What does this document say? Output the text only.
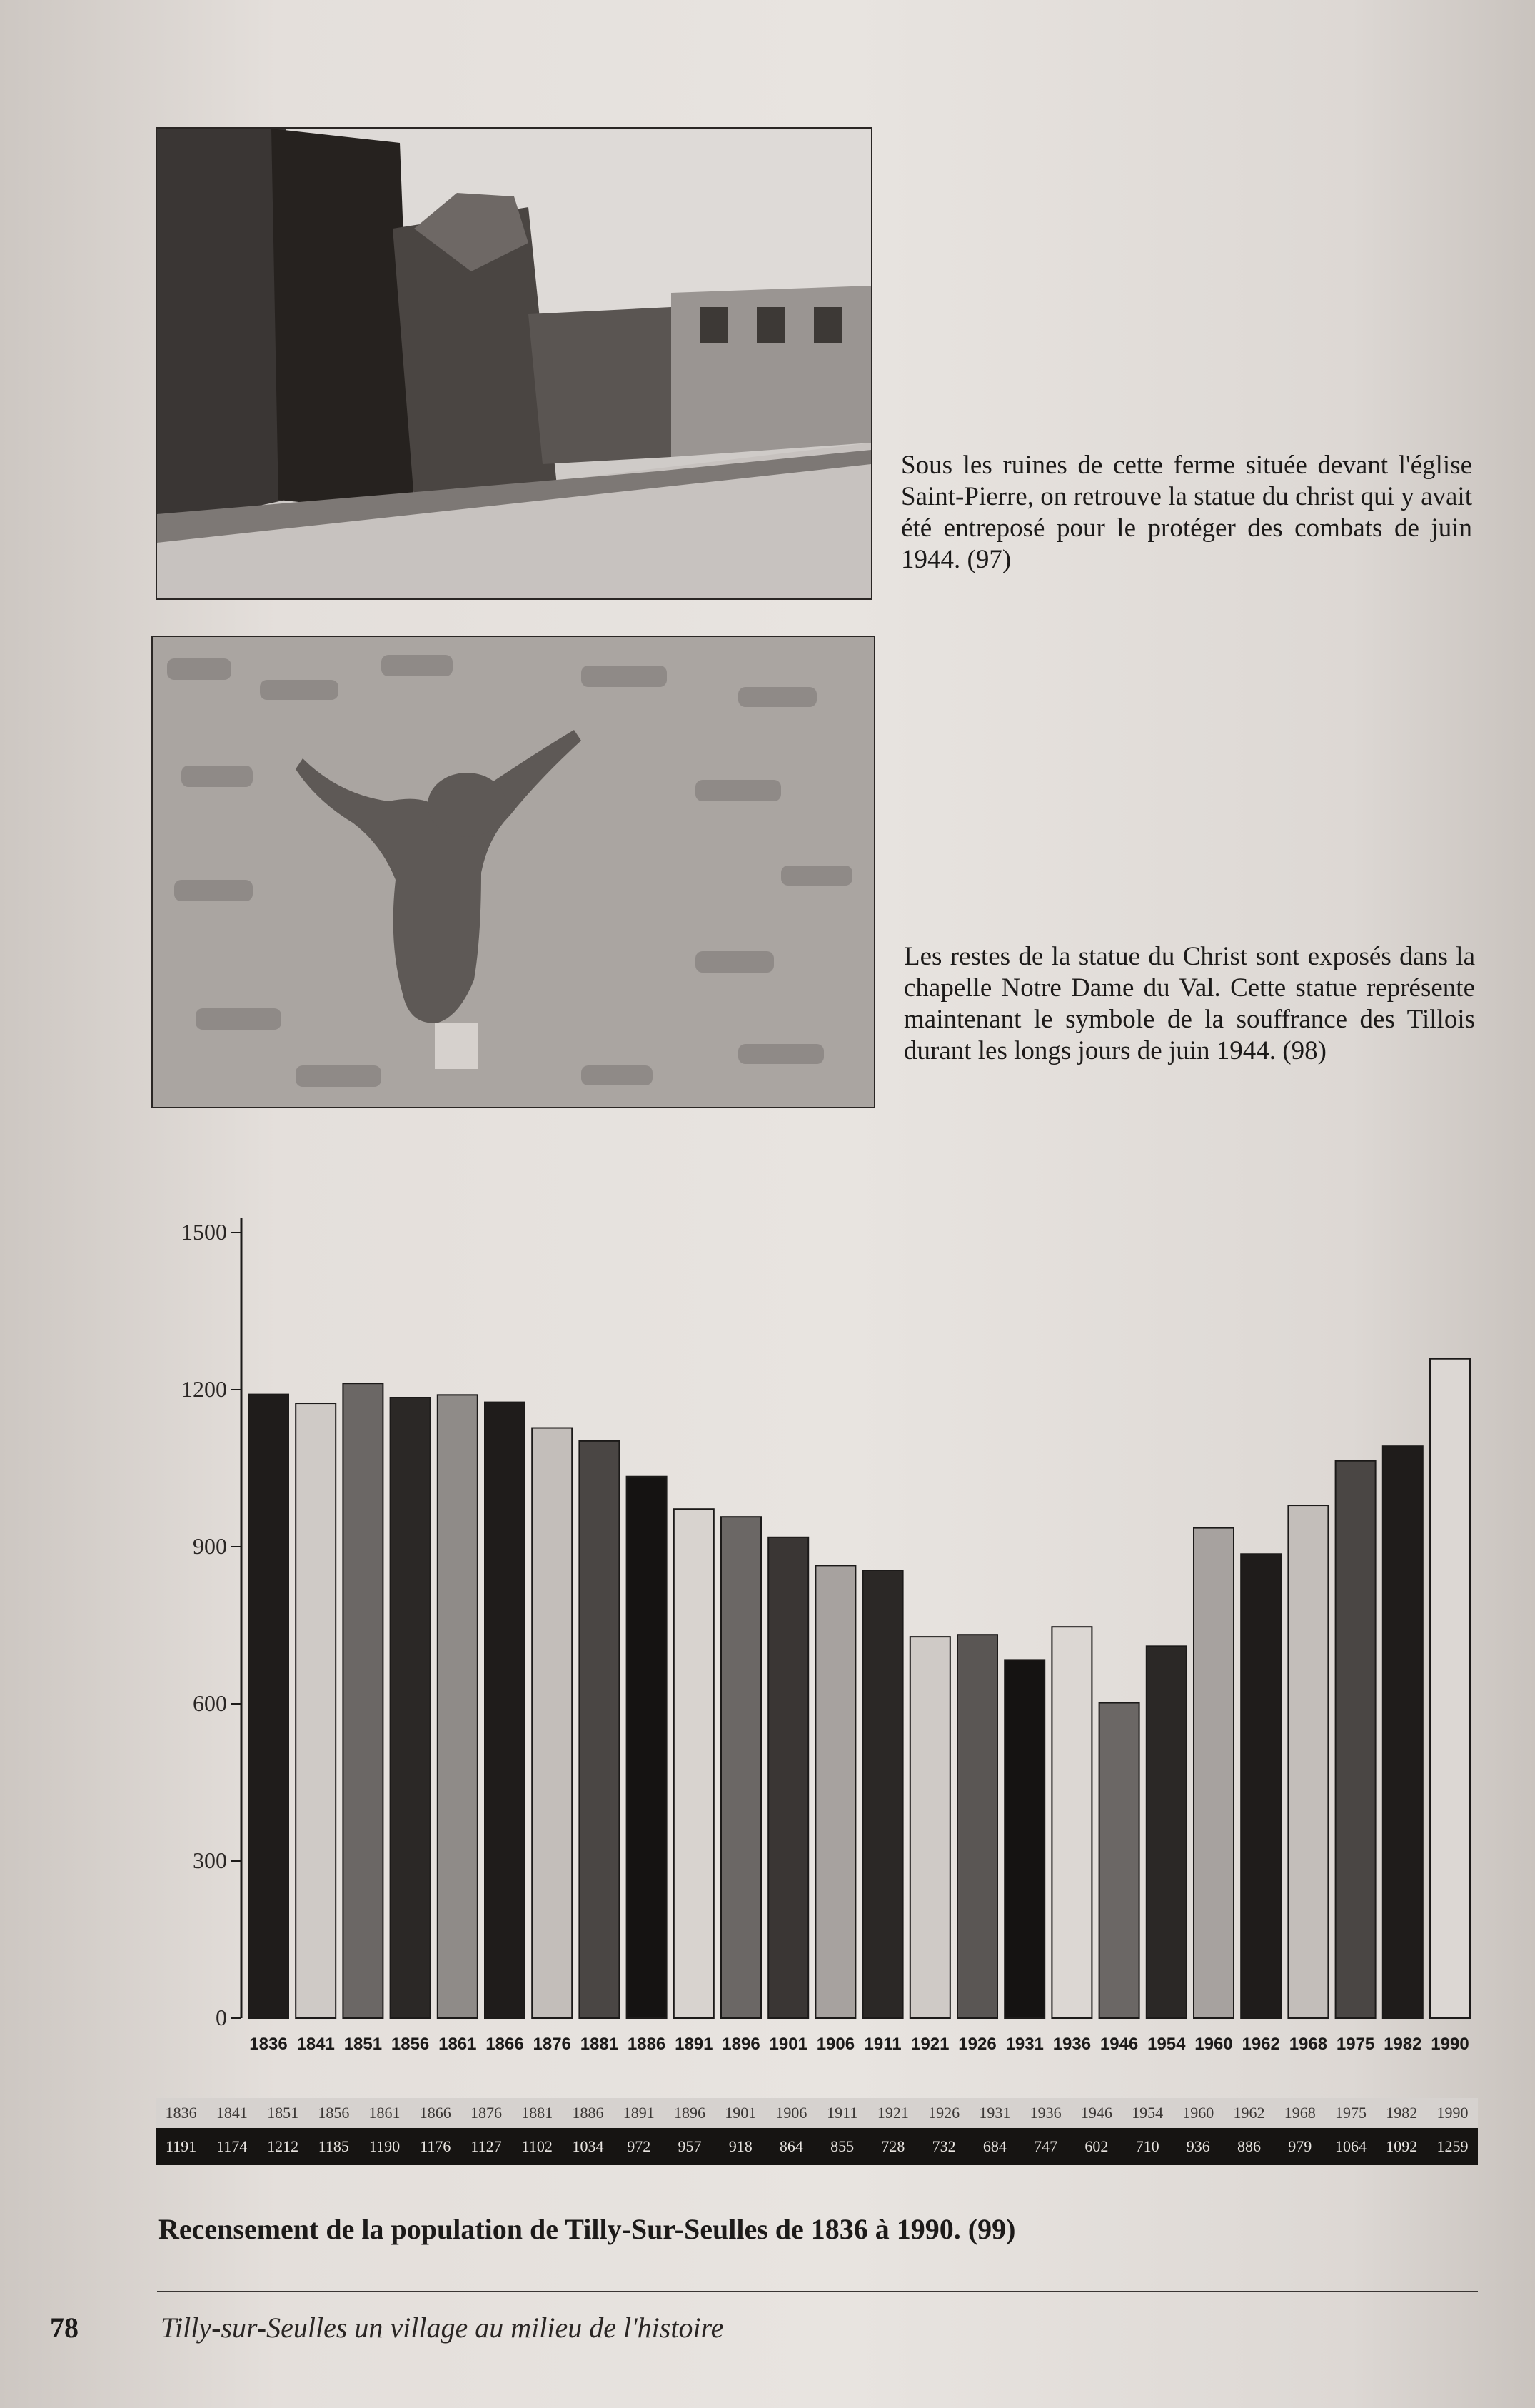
Sous les ruines de cette ferme située devant l'église Saint-Pierre, on retrouve la statue du christ qui y avait été entreposé pour le protéger des combats de juin 1944. (97)
Les restes de la statue du Christ sont exposés dans la chapelle Notre Dame du Val. Cette statue représente maintenant le symbole de la souffrance des Tillois durant les longs jours de juin 1944. (98)
0
300
600
900
1200
1500
1836 1841 1851 1856 1861 1866 1876 1881 1886 1891 1896 1901 1906 1911 1921 1926 1931 1936 1946 1954 1960 1962 1968 1975 1982 1990
1836	1841	1851	1856	1861	1866	1876	1881	1886	1891	1896	1901	1906	1911	1921	1926	1931	1936	1946	1954	1960	1962	1968	1975	1982	1990
1191	1174	1212	1185	1190	1176	1127	1102	1034	972	957	918	864	855	728	732	684	747	602	710	936	886	979	1064	1092	1259
Recensement de la population de Tilly-Sur-Seulles de 1836 à 1990. (99)
78	Tilly-sur-Seulles un village au milieu de l'histoire
